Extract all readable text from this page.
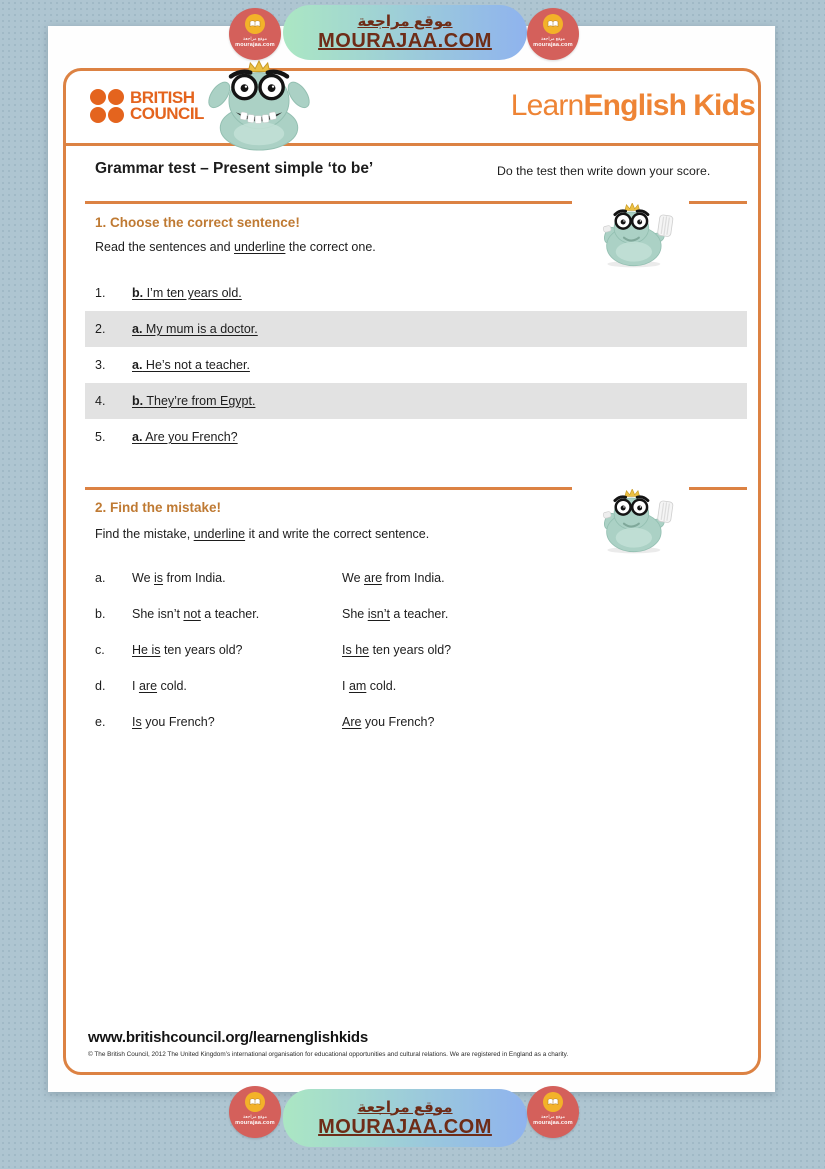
موقع مراجعة
mourajaa.com
موقع مراجعة
mourajaa.com
موقع مراجعة
MOURAJAA.COM
BRITISH
COUNCIL	LearnEnglish Kids
Grammar test – Present simple ‘to be’	Do the test then write down your score.
1. Choose the correct sentence!
Read the sentences and underline the correct one.
1.	b. I’m ten years old.
2.	a. My mum is a doctor.
3.	a. He’s not a teacher.
4.	b. They’re from Egypt.
5.	a. Are you French?
2. Find the mistake!
Find the mistake, underline it and write the correct sentence.
a.	We is from India.	We are from India.
b.	She isn’t not a teacher.	She isn’t a teacher.
c.	He is ten years old?	Is he ten years old?
d.	I are cold.	I am cold.
e.	Is you French?	Are you French?
www.britishcouncil.org/learnenglishkids
© The British Council, 2012 The United Kingdom’s international organisation for educational opportunities and cultural relations. We are registered in England as a charity.
موقع مراجعة
mourajaa.com
موقع مراجعة
mourajaa.com
موقع مراجعة
MOURAJAA.COM
